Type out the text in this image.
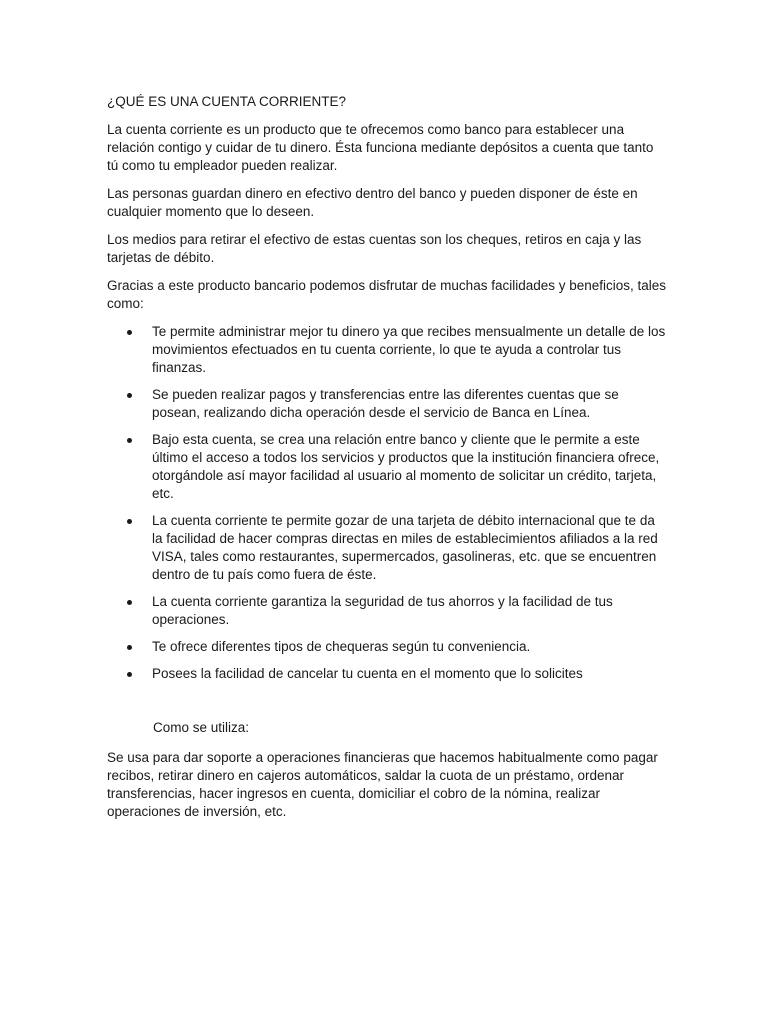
¿QUÉ ES UNA CUENTA CORRIENTE?

La cuenta corriente es un producto que te ofrecemos como banco para establecer una relación contigo y cuidar de tu dinero. Ésta funciona mediante depósitos a cuenta que tanto tú como tu empleador pueden realizar.

Las personas guardan dinero en efectivo dentro del banco y pueden disponer de éste en cualquier momento que lo deseen.

Los medios para retirar el efectivo de estas cuentas son los cheques, retiros en caja y las tarjetas de débito.

Gracias a este producto bancario podemos disfrutar de muchas facilidades y beneficios, tales como:

Te permite administrar mejor tu dinero ya que recibes mensualmente un detalle de los movimientos efectuados en tu cuenta corriente, lo que te ayuda a controlar tus finanzas.
Se pueden realizar pagos y transferencias entre las diferentes cuentas que se posean, realizando dicha operación desde el servicio de Banca en Línea.
Bajo esta cuenta, se crea una relación entre banco y cliente que le permite a este último el acceso a todos los servicios y productos que la institución financiera ofrece, otorgándole así mayor facilidad al usuario al momento de solicitar un crédito, tarjeta, etc.
La cuenta corriente te permite gozar de una tarjeta de débito internacional que te da la facilidad de hacer compras directas en miles de establecimientos afiliados a la red VISA, tales como restaurantes, supermercados, gasolineras, etc. que se encuentren dentro de tu país como fuera de éste.
La cuenta corriente garantiza la seguridad de tus ahorros y la facilidad de tus operaciones.
Te ofrece diferentes tipos de chequeras según tu conveniencia.
Posees la facilidad de cancelar tu cuenta en el momento que lo solicites
Como se utiliza:

Se usa para dar soporte a operaciones financieras que hacemos habitualmente como pagar recibos, retirar dinero en cajeros automáticos, saldar la cuota de un préstamo, ordenar transferencias, hacer ingresos en cuenta, domiciliar el cobro de la nómina, realizar operaciones de inversión, etc.
